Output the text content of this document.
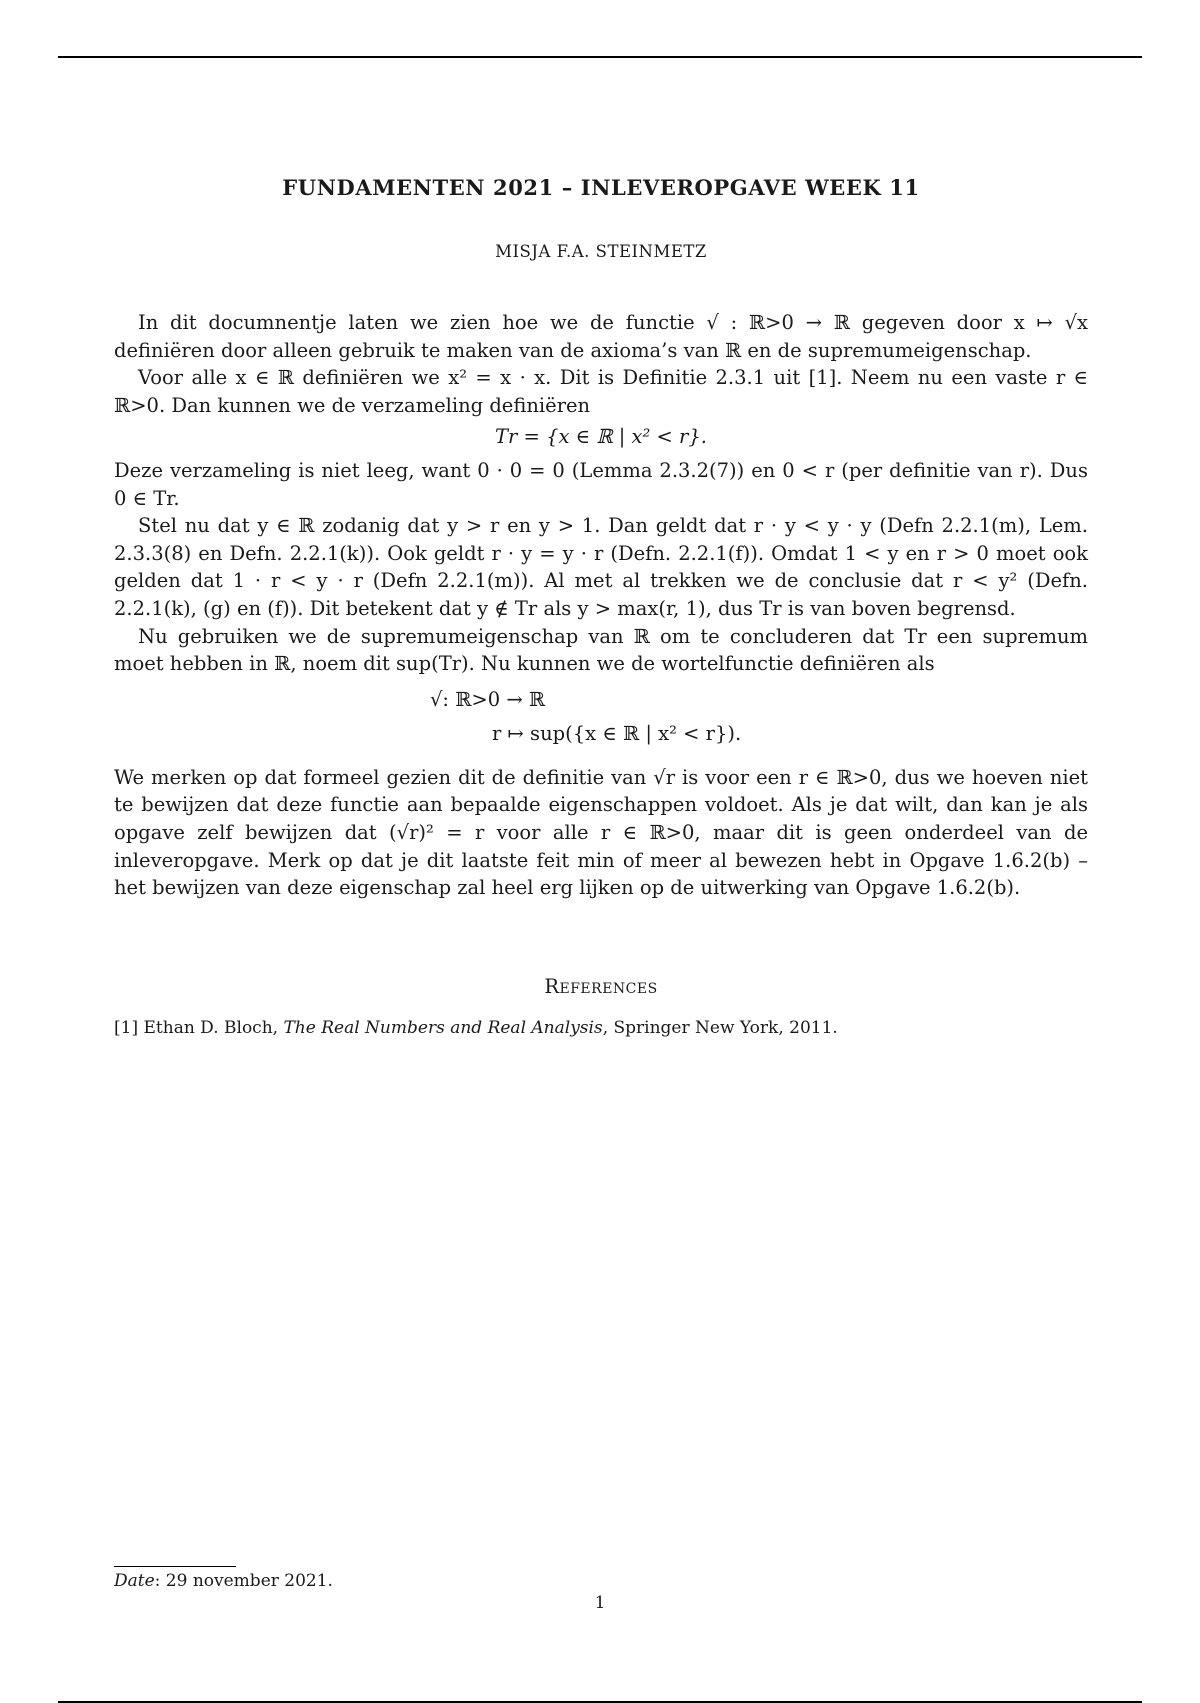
FUNDAMENTEN 2021 – INLEVEROPGAVE WEEK 11
MISJA F.A. STEINMETZ

In dit documnentje laten we zien hoe we de functie √ : ℝ>0 → ℝ gegeven door x ↦ √x definiëren door alleen gebruik te maken van de axioma’s van ℝ en de supremumeigenschap.

Voor alle x ∈ ℝ definiëren we x² = x · x. Dit is Definitie 2.3.1 uit [1]. Neem nu een vaste r ∈ ℝ>0. Dan kunnen we de verzameling definiëren

Tr = {x ∈ ℝ | x² < r}.

Deze verzameling is niet leeg, want 0 · 0 = 0 (Lemma 2.3.2(7)) en 0 < r (per definitie van r). Dus 0 ∈ Tr.

Stel nu dat y ∈ ℝ zodanig dat y > r en y > 1. Dan geldt dat r · y < y · y (Defn 2.2.1(m), Lem. 2.3.3(8) en Defn. 2.2.1(k)). Ook geldt r · y = y · r (Defn. 2.2.1(f)). Omdat 1 < y en r > 0 moet ook gelden dat 1 · r < y · r (Defn 2.2.1(m)). Al met al trekken we de conclusie dat r < y² (Defn. 2.2.1(k), (g) en (f)). Dit betekent dat y ∉ Tr als y > max(r, 1), dus Tr is van boven begrensd.

Nu gebruiken we de supremumeigenschap van ℝ om te concluderen dat Tr een supremum moet hebben in ℝ, noem dit sup(Tr). Nu kunnen we de wortelfunctie definiëren als

√: ℝ>0 → ℝ
r ↦ sup({x ∈ ℝ | x² < r}).

We merken op dat formeel gezien dit de definitie van √r is voor een r ∈ ℝ>0, dus we hoeven niet te bewijzen dat deze functie aan bepaalde eigenschappen voldoet. Als je dat wilt, dan kan je als opgave zelf bewijzen dat (√r)² = r voor alle r ∈ ℝ>0, maar dit is geen onderdeel van de inleveropgave. Merk op dat je dit laatste feit min of meer al bewezen hebt in Opgave 1.6.2(b) – het bewijzen van deze eigenschap zal heel erg lijken op de uitwerking van Opgave 1.6.2(b).

References
[1] Ethan D. Bloch, The Real Numbers and Real Analysis, Springer New York, 2011.
Date: 29 november 2021.
1
